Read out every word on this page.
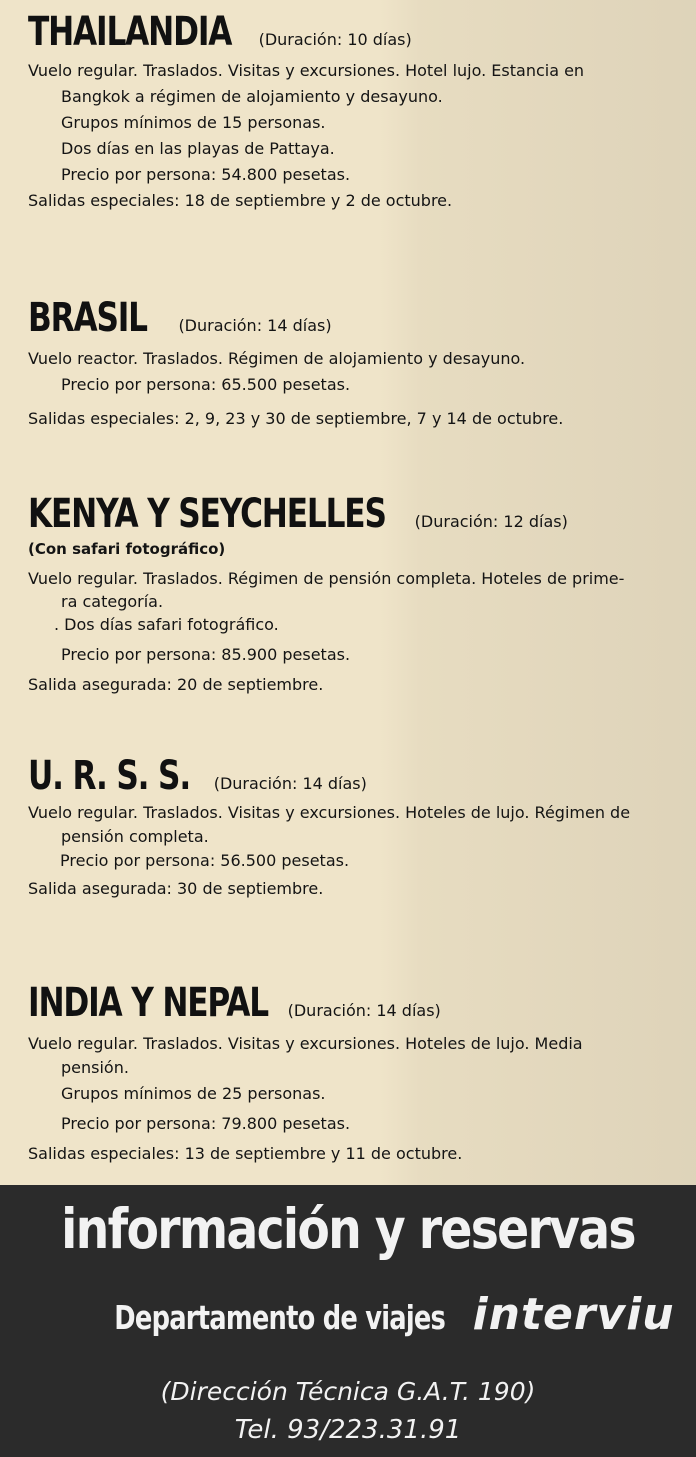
THAILANDIA (Duración: 10 días)
Vuelo regular. Traslados. Visitas y excursiones. Hotel lujo. Estancia en
Bangkok a régimen de alojamiento y desayuno.
Grupos mínimos de 15 personas.
Dos días en las playas de Pattaya.
Precio por persona: 54.800 pesetas.
Salidas especiales: 18 de septiembre y 2 de octubre.
BRASIL (Duración: 14 días)
Vuelo reactor. Traslados. Régimen de alojamiento y desayuno.
Precio por persona: 65.500 pesetas.
Salidas especiales: 2, 9, 23 y 30 de septiembre, 7 y 14 de octubre.
KENYA Y SEYCHELLES (Duración: 12 días)
(Con safari fotográfico)
Vuelo regular. Traslados. Régimen de pensión completa. Hoteles de prime-
ra categoría.
. Dos días safari fotográfico.
Precio por persona: 85.900 pesetas.
Salida asegurada: 20 de septiembre.
U. R. S. S. (Duración: 14 días)
Vuelo regular. Traslados. Visitas y excursiones. Hoteles de lujo. Régimen de
pensión completa.
Precio por persona: 56.500 pesetas.
Salida asegurada: 30 de septiembre.
INDIA Y NEPAL (Duración: 14 días)
Vuelo regular. Traslados. Visitas y excursiones. Hoteles de lujo. Media
pensión.
Grupos mínimos de 25 personas.
Precio por persona: 79.800 pesetas.
Salidas especiales: 13 de septiembre y 11 de octubre.
información y reservas
Departamento de viajes interviu
(Dirección Técnica G.A.T. 190)
Tel. 93/223.31.91
